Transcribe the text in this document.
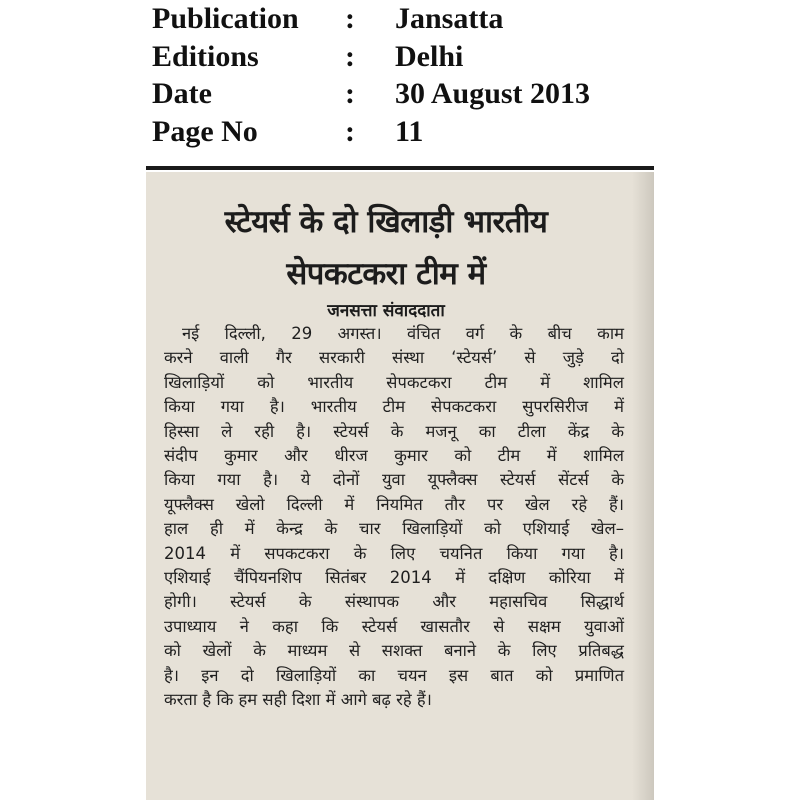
Publication : Jansatta
Editions	: Delhi
Date	: 30 August 2013
Page No	: 11
स्टेयर्स के दो खिलाड़ी भारतीय
सेपकटकरा टीम में
जनसत्ता संवाददाता
नई दिल्ली, 29 अगस्त। वंचित वर्ग के बीच काम
करने वाली गैर सरकारी संस्था ‘स्टेयर्स’ से जुड़े दो
खिलाड़ियों को भारतीय सेपकटकरा टीम में शामिल
किया गया है। भारतीय टीम सेपकटकरा सुपरसिरीज में
हिस्सा ले रही है। स्टेयर्स के मजनू का टीला केंद्र के
संदीप कुमार और धीरज कुमार को टीम में शामिल
किया गया है। ये दोनों युवा यूफ्लैक्स स्टेयर्स सेंटर्स के
यूफ्लैक्स खेलो दिल्ली में नियमित तौर पर खेल रहे हैं।
हाल ही में केन्द्र के चार खिलाड़ियों को एशियाई खेल–
2014 में सपकटकरा के लिए चयनित किया गया है।
एशियाई चैंपियनशिप सितंबर 2014 में दक्षिण कोरिया में
होगी। स्टेयर्स के संस्थापक और महासचिव सिद्धार्थ
उपाध्याय ने कहा कि स्टेयर्स खासतौर से सक्षम युवाओं
को खेलों के माध्यम से सशक्त बनाने के लिए प्रतिबद्ध
है। इन दो खिलाड़ियों का चयन इस बात को प्रमाणित
करता है कि हम सही दिशा में आगे बढ़ रहे हैं।
